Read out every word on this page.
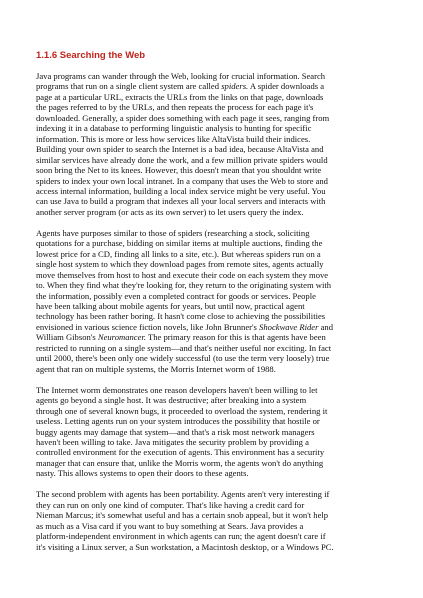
1.1.6 Searching the Web

Java programs can wander through the Web, looking for crucial information. Search
programs that run on a single client system are called spiders. A spider downloads a
page at a particular URL, extracts the URLs from the links on that page, downloads
the pages referred to by the URLs, and then repeats the process for each page it's
downloaded. Generally, a spider does something with each page it sees, ranging from
indexing it in a database to performing linguistic analysis to hunting for specific
information. This is more or less how services like AltaVista build their indices.
Building your own spider to search the Internet is a bad idea, because AltaVista and
similar services have already done the work, and a few million private spiders would
soon bring the Net to its knees. However, this doesn't mean that you shouldnt write
spiders to index your own local intranet. In a company that uses the Web to store and
access internal information, building a local index service might be very useful. You
can use Java to build a program that indexes all your local servers and interacts with
another server program (or acts as its own server) to let users query the index.

Agents have purposes similar to those of spiders (researching a stock, soliciting
quotations for a purchase, bidding on similar items at multiple auctions, finding the
lowest price for a CD, finding all links to a site, etc.). But whereas spiders run on a
single host system to which they download pages from remote sites, agents actually
move themselves from host to host and execute their code on each system they move
to. When they find what they're looking for, they return to the originating system with
the information, possibly even a completed contract for goods or services. People
have been talking about mobile agents for years, but until now, practical agent
technology has been rather boring. It hasn't come close to achieving the possibilities
envisioned in various science fiction novels, like John Brunner's Shockwave Rider and
William Gibson's Neuromancer. The primary reason for this is that agents have been
restricted to running on a single system—and that's neither useful nor exciting. In fact
until 2000, there's been only one widely successful (to use the term very loosely) true
agent that ran on multiple systems, the Morris Internet worm of 1988.

The Internet worm demonstrates one reason developers haven't been willing to let
agents go beyond a single host. It was destructive; after breaking into a system
through one of several known bugs, it proceeded to overload the system, rendering it
useless. Letting agents run on your system introduces the possibility that hostile or
buggy agents may damage that system—and that's a risk most network managers
haven't been willing to take. Java mitigates the security problem by providing a
controlled environment for the execution of agents. This environment has a security
manager that can ensure that, unlike the Morris worm, the agents won't do anything
nasty. This allows systems to open their doors to these agents.

The second problem with agents has been portability. Agents aren't very interesting if
they can run on only one kind of computer. That's like having a credit card for
Nieman Marcus; it's somewhat useful and has a certain snob appeal, but it won't help
as much as a Visa card if you want to buy something at Sears. Java provides a
platform-independent environment in which agents can run; the agent doesn't care if
it's visiting a Linux server, a Sun workstation, a Macintosh desktop, or a Windows PC.
